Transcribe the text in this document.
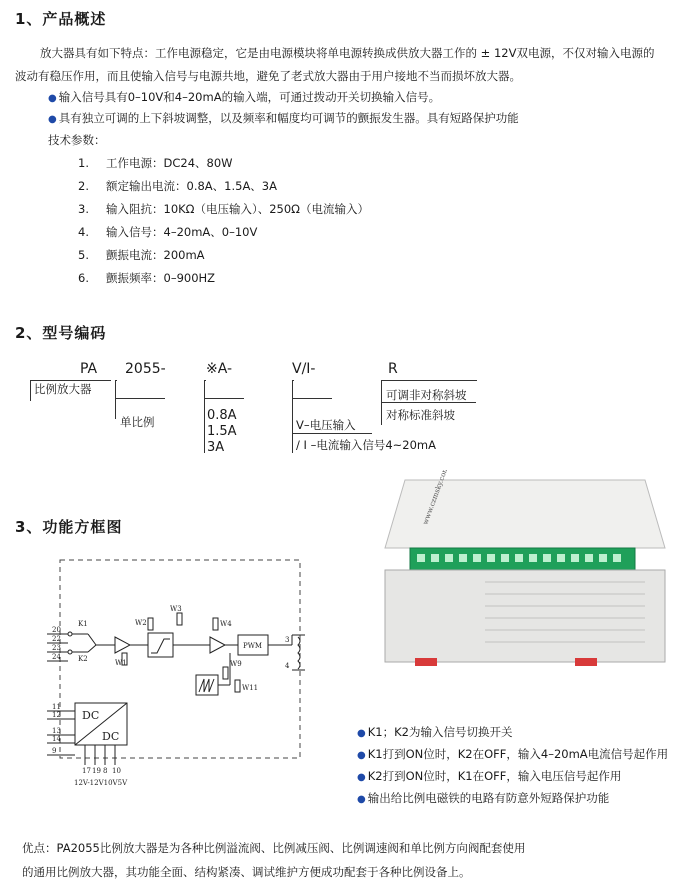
1、产品概述
放大器具有如下特点：工作电源稳定，它是由电源模块将单电源转换成供放大器工作的 ± 12V双电源，不仅对输入电源的
波动有稳压作用，而且使输入信号与电源共地，避免了老式放大器由于用户接地不当而损坏放大器。
● 输入信号具有0–10V和4–20mA的输入端，可通过拨动开关切换输入信号。
● 具有独立可调的上下斜坡调整，以及频率和幅度均可调节的颤振发生器。具有短路保护功能
技术参数：
1. 工作电源：DC24、80W
2. 额定输出电流：0.8A、1.5A、3A
3. 输入阻抗：10KΩ（电压输入）、250Ω（电流输入）
4. 输入信号：4–20mA、0–10V
5. 颤振电流：200mA
6. 颤振频率：0–900HZ
2、型号编码
PA 2055-	※A-	V/I-	R
比例放大器
单比例	0.8A
1.5A
3A
V–电压输入
/ I –电流输入信号4~20mA
可调非对称斜坡
对称标准斜坡
3、功能方框图
20
22
23
24
K1
K2	W1
W2
W3
W4
PWM
W9
W11
3
4
11
12
13
14
9
17 19 8 10
12V-12V10V5V
DC
DC
www.czmsky.com
● K1；K2为输入信号切换开关
● K1打到ON位时，K2在OFF，输入4–20mA电流信号起作用
● K2打到ON位时，K1在OFF，输入电压信号起作用
● 输出给比例电磁铁的电路有防意外短路保护功能
优点：PA2055比例放大器是为各种比例溢流阀、比例减压阀、比例调速阀和单比例方向阀配套使用
的通用比例放大器，其功能全面、结构紧凑、调试维护方便成功配套于各种比例设备上。
